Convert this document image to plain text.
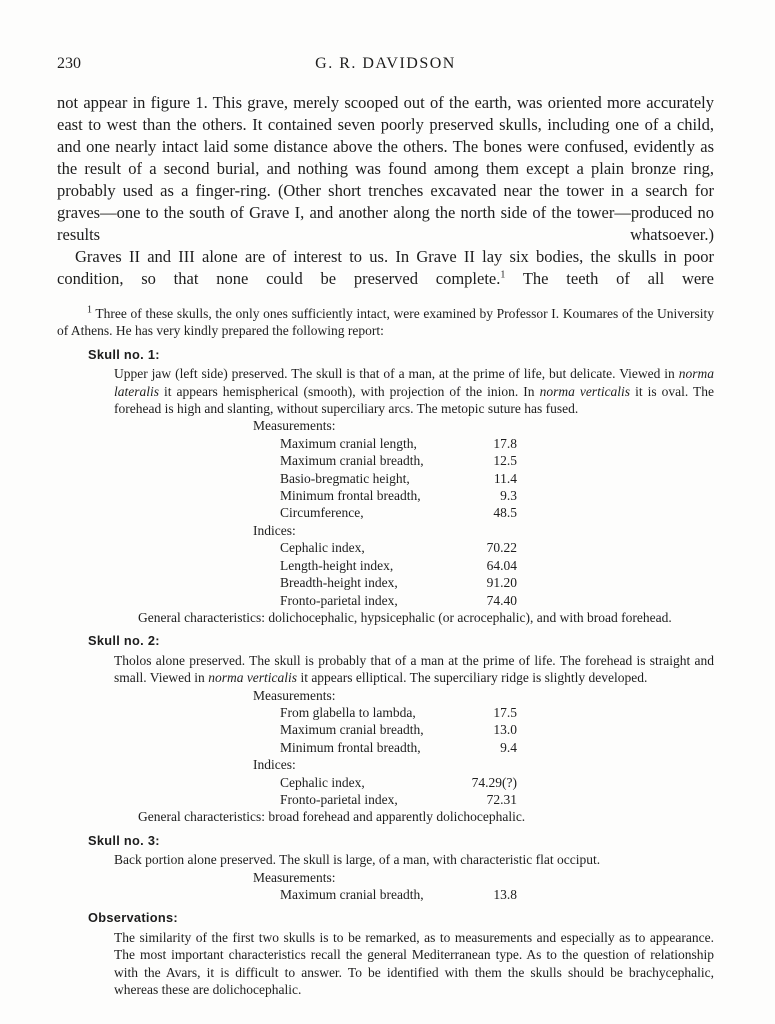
230	G. R. DAVIDSON

not appear in figure 1. This grave, merely scooped out of the earth, was oriented more accurately east to west than the others. It contained seven poorly preserved skulls, including one of a child, and one nearly intact laid some distance above the others. The bones were confused, evidently as the result of a second burial, and nothing was found among them except a plain bronze ring, probably used as a finger-ring. (Other short trenches excavated near the tower in a search for graves—one to the south of Grave I, and another along the north side of the tower—produced no results whatsoever.)

Graves II and III alone are of interest to us. In Grave II lay six bodies, the skulls in poor condition, so that none could be preserved complete.$^1$ The teeth of all were

$^1$ Three of these skulls, the only ones sufficiently intact, were examined by Professor I. Koumares of the University of Athens. He has very kindly prepared the following report:

Skull no. 1:

Upper jaw (left side) preserved. The skull is that of a man, at the prime of life, but delicate. Viewed in norma lateralis it appears hemispherical (smooth), with projection of the inion. In norma verticalis it is oval. The forehead is high and slanting, without superciliary arcs. The metopic suture has fused.

Measurements:
Maximum cranial length,	17.8
Maximum cranial breadth,	12.5
Basio-bregmatic height,	11.4
Minimum frontal breadth,	9.3
Circumference,	48.5
Indices:
Cephalic index,	70.22
Length-height index,	64.04
Breadth-height index,	91.20
Fronto-parietal index,	74.40
General characteristics: dolichocephalic, hypsicephalic (or acrocephalic), and with broad forehead.
Skull no. 2:

Tholos alone preserved. The skull is probably that of a man at the prime of life. The forehead is straight and small. Viewed in norma verticalis it appears elliptical. The superciliary ridge is slightly developed.

Measurements:
From glabella to lambda,	17.5
Maximum cranial breadth,	13.0
Minimum frontal breadth,	9.4
Indices:
Cephalic index,	74.29(?)
Fronto-parietal index,	72.31
General characteristics: broad forehead and apparently dolichocephalic.
Skull no. 3:

Back portion alone preserved. The skull is large, of a man, with characteristic flat occiput.

Measurements:
Maximum cranial breadth,	13.8
Observations:

The similarity of the first two skulls is to be remarked, as to measurements and especially as to appearance. The most important characteristics recall the general Mediterranean type. As to the question of relationship with the Avars, it is difficult to answer. To be identified with them the skulls should be brachycephalic, whereas these are dolichocephalic.
